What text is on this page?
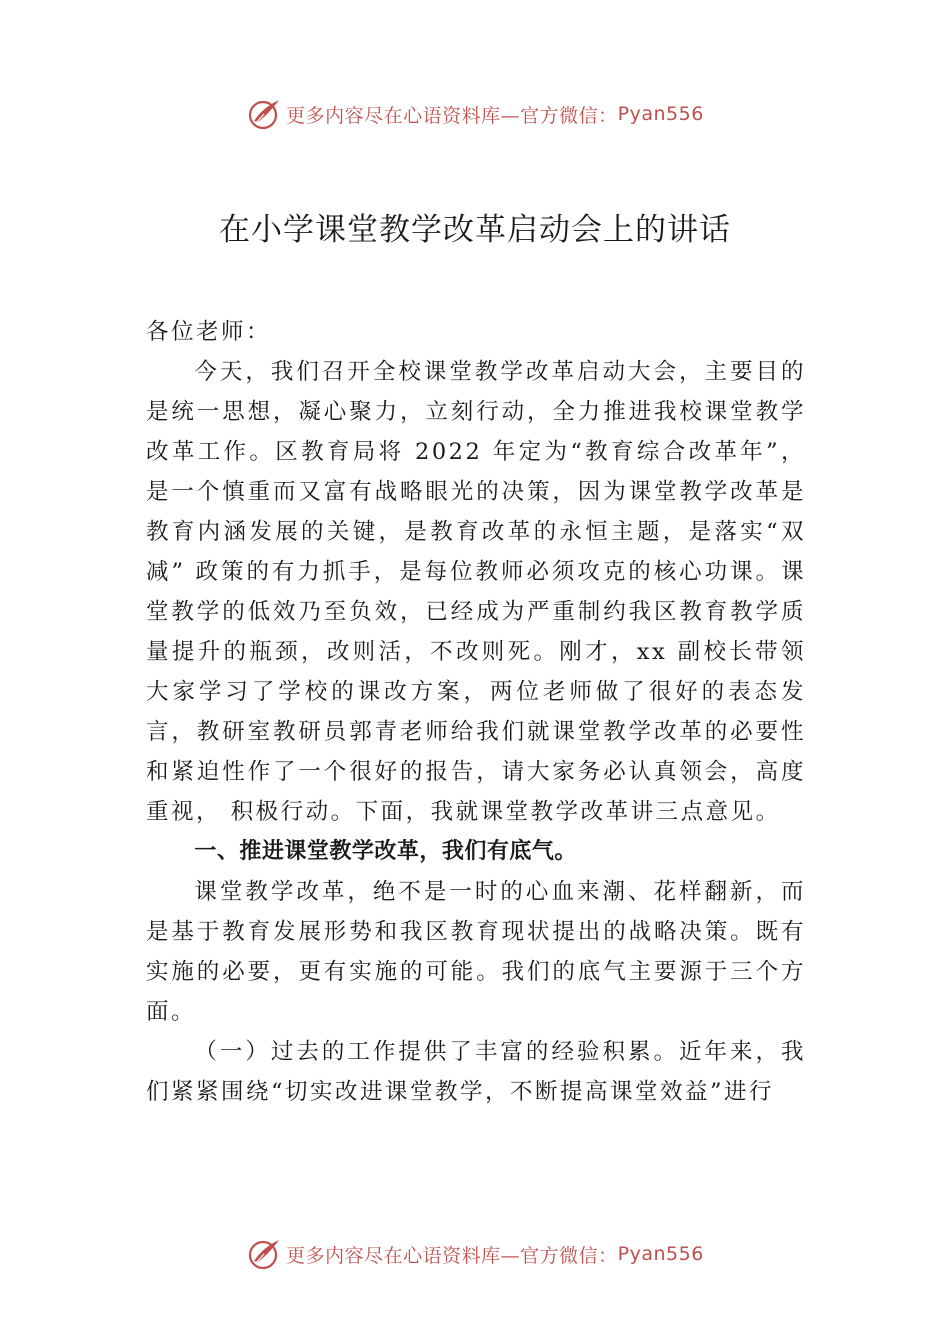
更多内容尽在心语资料库—官方微信： Pyan556
在小学课堂教学改革启动会上的讲话

各位老师：

今天，我们召开全校课堂教学改革启动大会，主要目的是统一思想，凝心聚力，立刻行动，全力推进我校课堂教学改革工作。区教育局将 2022 年定为“教育综合改革年”，是一个慎重而又富有战略眼光的决策，因为课堂教学改革是教育内涵发展的关键，是教育改革的永恒主题，是落实“双减” 政策的有力抓手，是每位教师必须攻克的核心功课。课堂教学的低效乃至负效，已经成为严重制约我区教育教学质量提升的瓶颈，改则活，不改则死。刚才，xx 副校长带领大家学习了学校的课改方案，两位老师做了很好的表态发言，教研室教研员郭青老师给我们就课堂教学改革的必要性和紧迫性作了一个很好的报告，请大家务必认真领会，高度重视， 积极行动。下面，我就课堂教学改革讲三点意见。

一、推进课堂教学改革，我们有底气。

课堂教学改革，绝不是一时的心血来潮、花样翻新，而是基于教育发展形势和我区教育现状提出的战略决策。既有实施的必要，更有实施的可能。我们的底气主要源于三个方面。

（一）过去的工作提供了丰富的经验积累。近年来，我们紧紧围绕“切实改进课堂教学，不断提高课堂效益”进行

更多内容尽在心语资料库—官方微信： Pyan556
